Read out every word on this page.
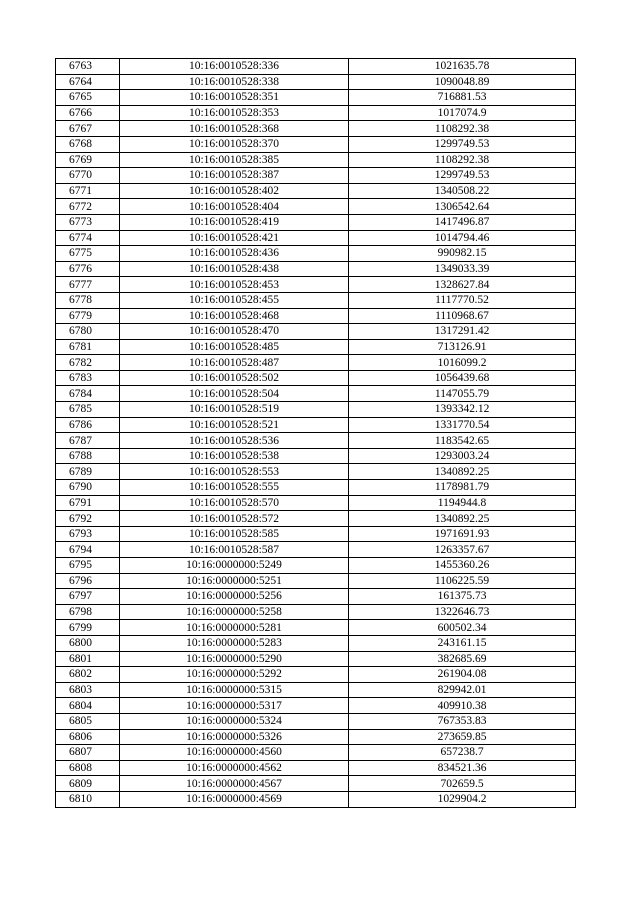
6763	10:16:0010528:336	1021635.78
6764	10:16:0010528:338	1090048.89
6765	10:16:0010528:351	716881.53
6766	10:16:0010528:353	1017074.9
6767	10:16:0010528:368	1108292.38
6768	10:16:0010528:370	1299749.53
6769	10:16:0010528:385	1108292.38
6770	10:16:0010528:387	1299749.53
6771	10:16:0010528:402	1340508.22
6772	10:16:0010528:404	1306542.64
6773	10:16:0010528:419	1417496.87
6774	10:16:0010528:421	1014794.46
6775	10:16:0010528:436	990982.15
6776	10:16:0010528:438	1349033.39
6777	10:16:0010528:453	1328627.84
6778	10:16:0010528:455	1117770.52
6779	10:16:0010528:468	1110968.67
6780	10:16:0010528:470	1317291.42
6781	10:16:0010528:485	713126.91
6782	10:16:0010528:487	1016099.2
6783	10:16:0010528:502	1056439.68
6784	10:16:0010528:504	1147055.79
6785	10:16:0010528:519	1393342.12
6786	10:16:0010528:521	1331770.54
6787	10:16:0010528:536	1183542.65
6788	10:16:0010528:538	1293003.24
6789	10:16:0010528:553	1340892.25
6790	10:16:0010528:555	1178981.79
6791	10:16:0010528:570	1194944.8
6792	10:16:0010528:572	1340892.25
6793	10:16:0010528:585	1971691.93
6794	10:16:0010528:587	1263357.67
6795	10:16:0000000:5249	1455360.26
6796	10:16:0000000:5251	1106225.59
6797	10:16:0000000:5256	161375.73
6798	10:16:0000000:5258	1322646.73
6799	10:16:0000000:5281	600502.34
6800	10:16:0000000:5283	243161.15
6801	10:16:0000000:5290	382685.69
6802	10:16:0000000:5292	261904.08
6803	10:16:0000000:5315	829942.01
6804	10:16:0000000:5317	409910.38
6805	10:16:0000000:5324	767353.83
6806	10:16:0000000:5326	273659.85
6807	10:16:0000000:4560	657238.7
6808	10:16:0000000:4562	834521.36
6809	10:16:0000000:4567	702659.5
6810	10:16:0000000:4569	1029904.2
